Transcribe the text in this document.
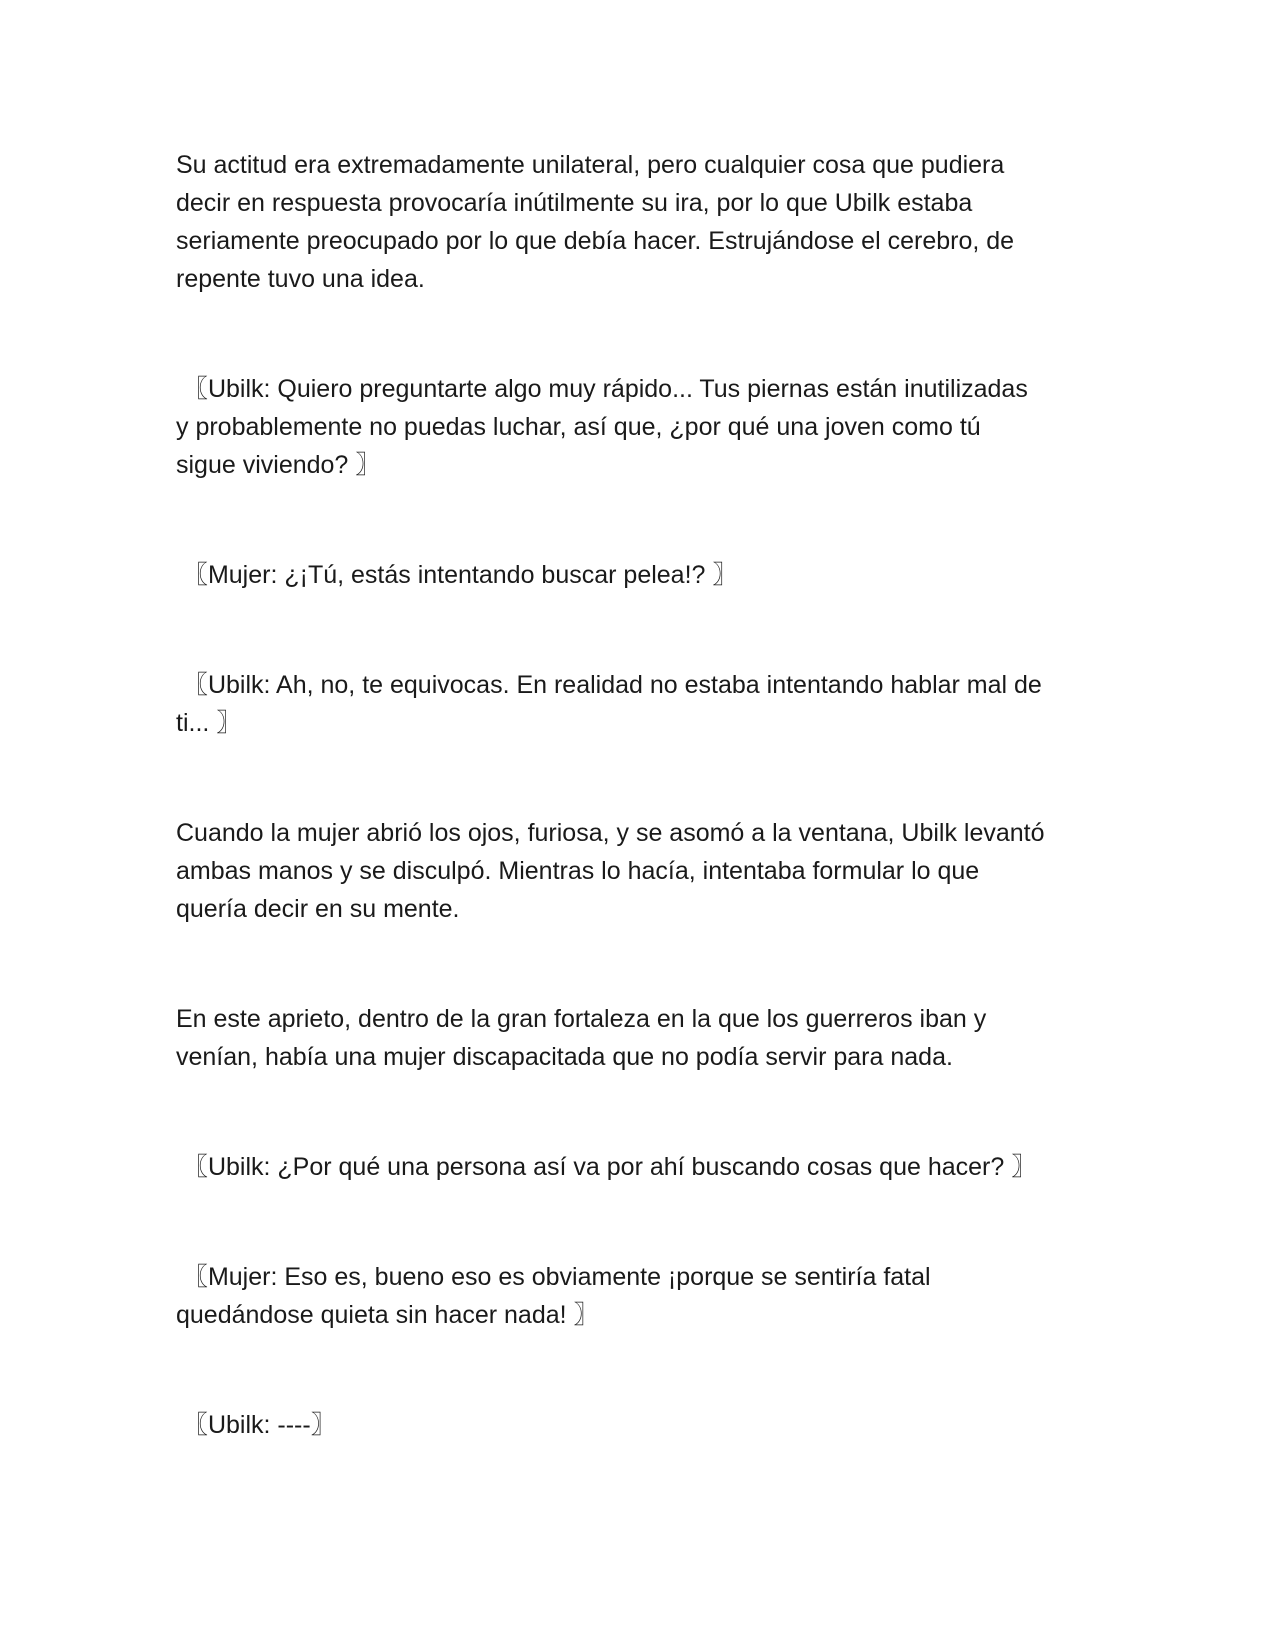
Su actitud era extremadamente unilateral, pero cualquier cosa que pudiera

decir en respuesta provocaría inútilmente su ira, por lo que Ubilk estaba

seriamente preocupado por lo que debía hacer. Estrujándose el cerebro, de

repente tuvo una idea.

〖Ubilk: Quiero preguntarte algo muy rápido... Tus piernas están inutilizadas

y probablemente no puedas luchar, así que, ¿por qué una joven como tú

sigue viviendo? 〗

〖Mujer: ¿¡Tú, estás intentando buscar pelea!? 〗

〖Ubilk: Ah, no, te equivocas. En realidad no estaba intentando hablar mal de

ti... 〗

Cuando la mujer abrió los ojos, furiosa, y se asomó a la ventana, Ubilk levantó

ambas manos y se disculpó. Mientras lo hacía, intentaba formular lo que

quería decir en su mente.

En este aprieto, dentro de la gran fortaleza en la que los guerreros iban y

venían, había una mujer discapacitada que no podía servir para nada.

〖Ubilk: ¿Por qué una persona así va por ahí buscando cosas que hacer? 〗

〖Mujer: Eso es, bueno eso es obviamente ¡porque se sentiría fatal

quedándose quieta sin hacer nada! 〗

〖Ubilk: ----〗
